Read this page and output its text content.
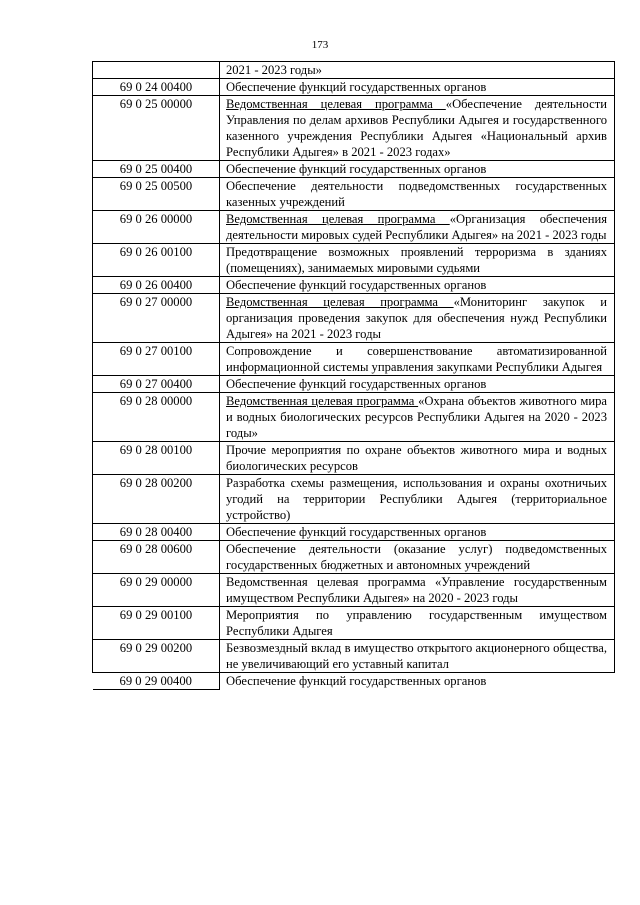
173
	2021 - 2023 годы»
69 0 24 00400	Обеспечение функций государственных органов
69 0 25 00000	Ведомственная целевая программа «Обеспечение деятельности Управления по делам архивов Республики Адыгея и государственного казенного учреждения Республики Адыгея «Национальный архив Республики Адыгея» в 2021 - 2023 годах»
69 0 25 00400	Обеспечение функций государственных органов
69 0 25 00500	Обеспечение деятельности подведомственных государственных казенных учреждений
69 0 26 00000	Ведомственная целевая программа «Организация обеспечения деятельности мировых судей Республики Адыгея» на 2021 - 2023 годы
69 0 26 00100	Предотвращение возможных проявлений терроризма в зданиях (помещениях), занимаемых мировыми судьями
69 0 26 00400	Обеспечение функций государственных органов
69 0 27 00000	Ведомственная целевая программа «Мониторинг закупок и организация проведения закупок для обеспечения нужд Республики Адыгея» на 2021 - 2023 годы
69 0 27 00100	Сопровождение и совершенствование автоматизированной информационной системы управления закупками Республики Адыгея
69 0 27 00400	Обеспечение функций государственных органов
69 0 28 00000	Ведомственная целевая программа «Охрана объектов животного мира и водных биологических ресурсов Республики Адыгея на 2020 - 2023 годы»
69 0 28 00100	Прочие мероприятия по охране объектов животного мира и водных биологических ресурсов
69 0 28 00200	Разработка схемы размещения, использования и охраны охотничьих угодий на территории Республики Адыгея (территориальное устройство)
69 0 28 00400	Обеспечение функций государственных органов
69 0 28 00600	Обеспечение деятельности (оказание услуг) подведомственных государственных бюджетных и автономных учреждений
69 0 29 00000	Ведомственная целевая программа «Управление государственным имуществом Республики Адыгея» на 2020 - 2023 годы
69 0 29 00100	Мероприятия по управлению государственным имуществом Республики Адыгея
69 0 29 00200	Безвозмездный вклад в имущество открытого акционерного общества, не увеличивающий его уставный капитал
69 0 29 00400	Обеспечение функций государственных органов
